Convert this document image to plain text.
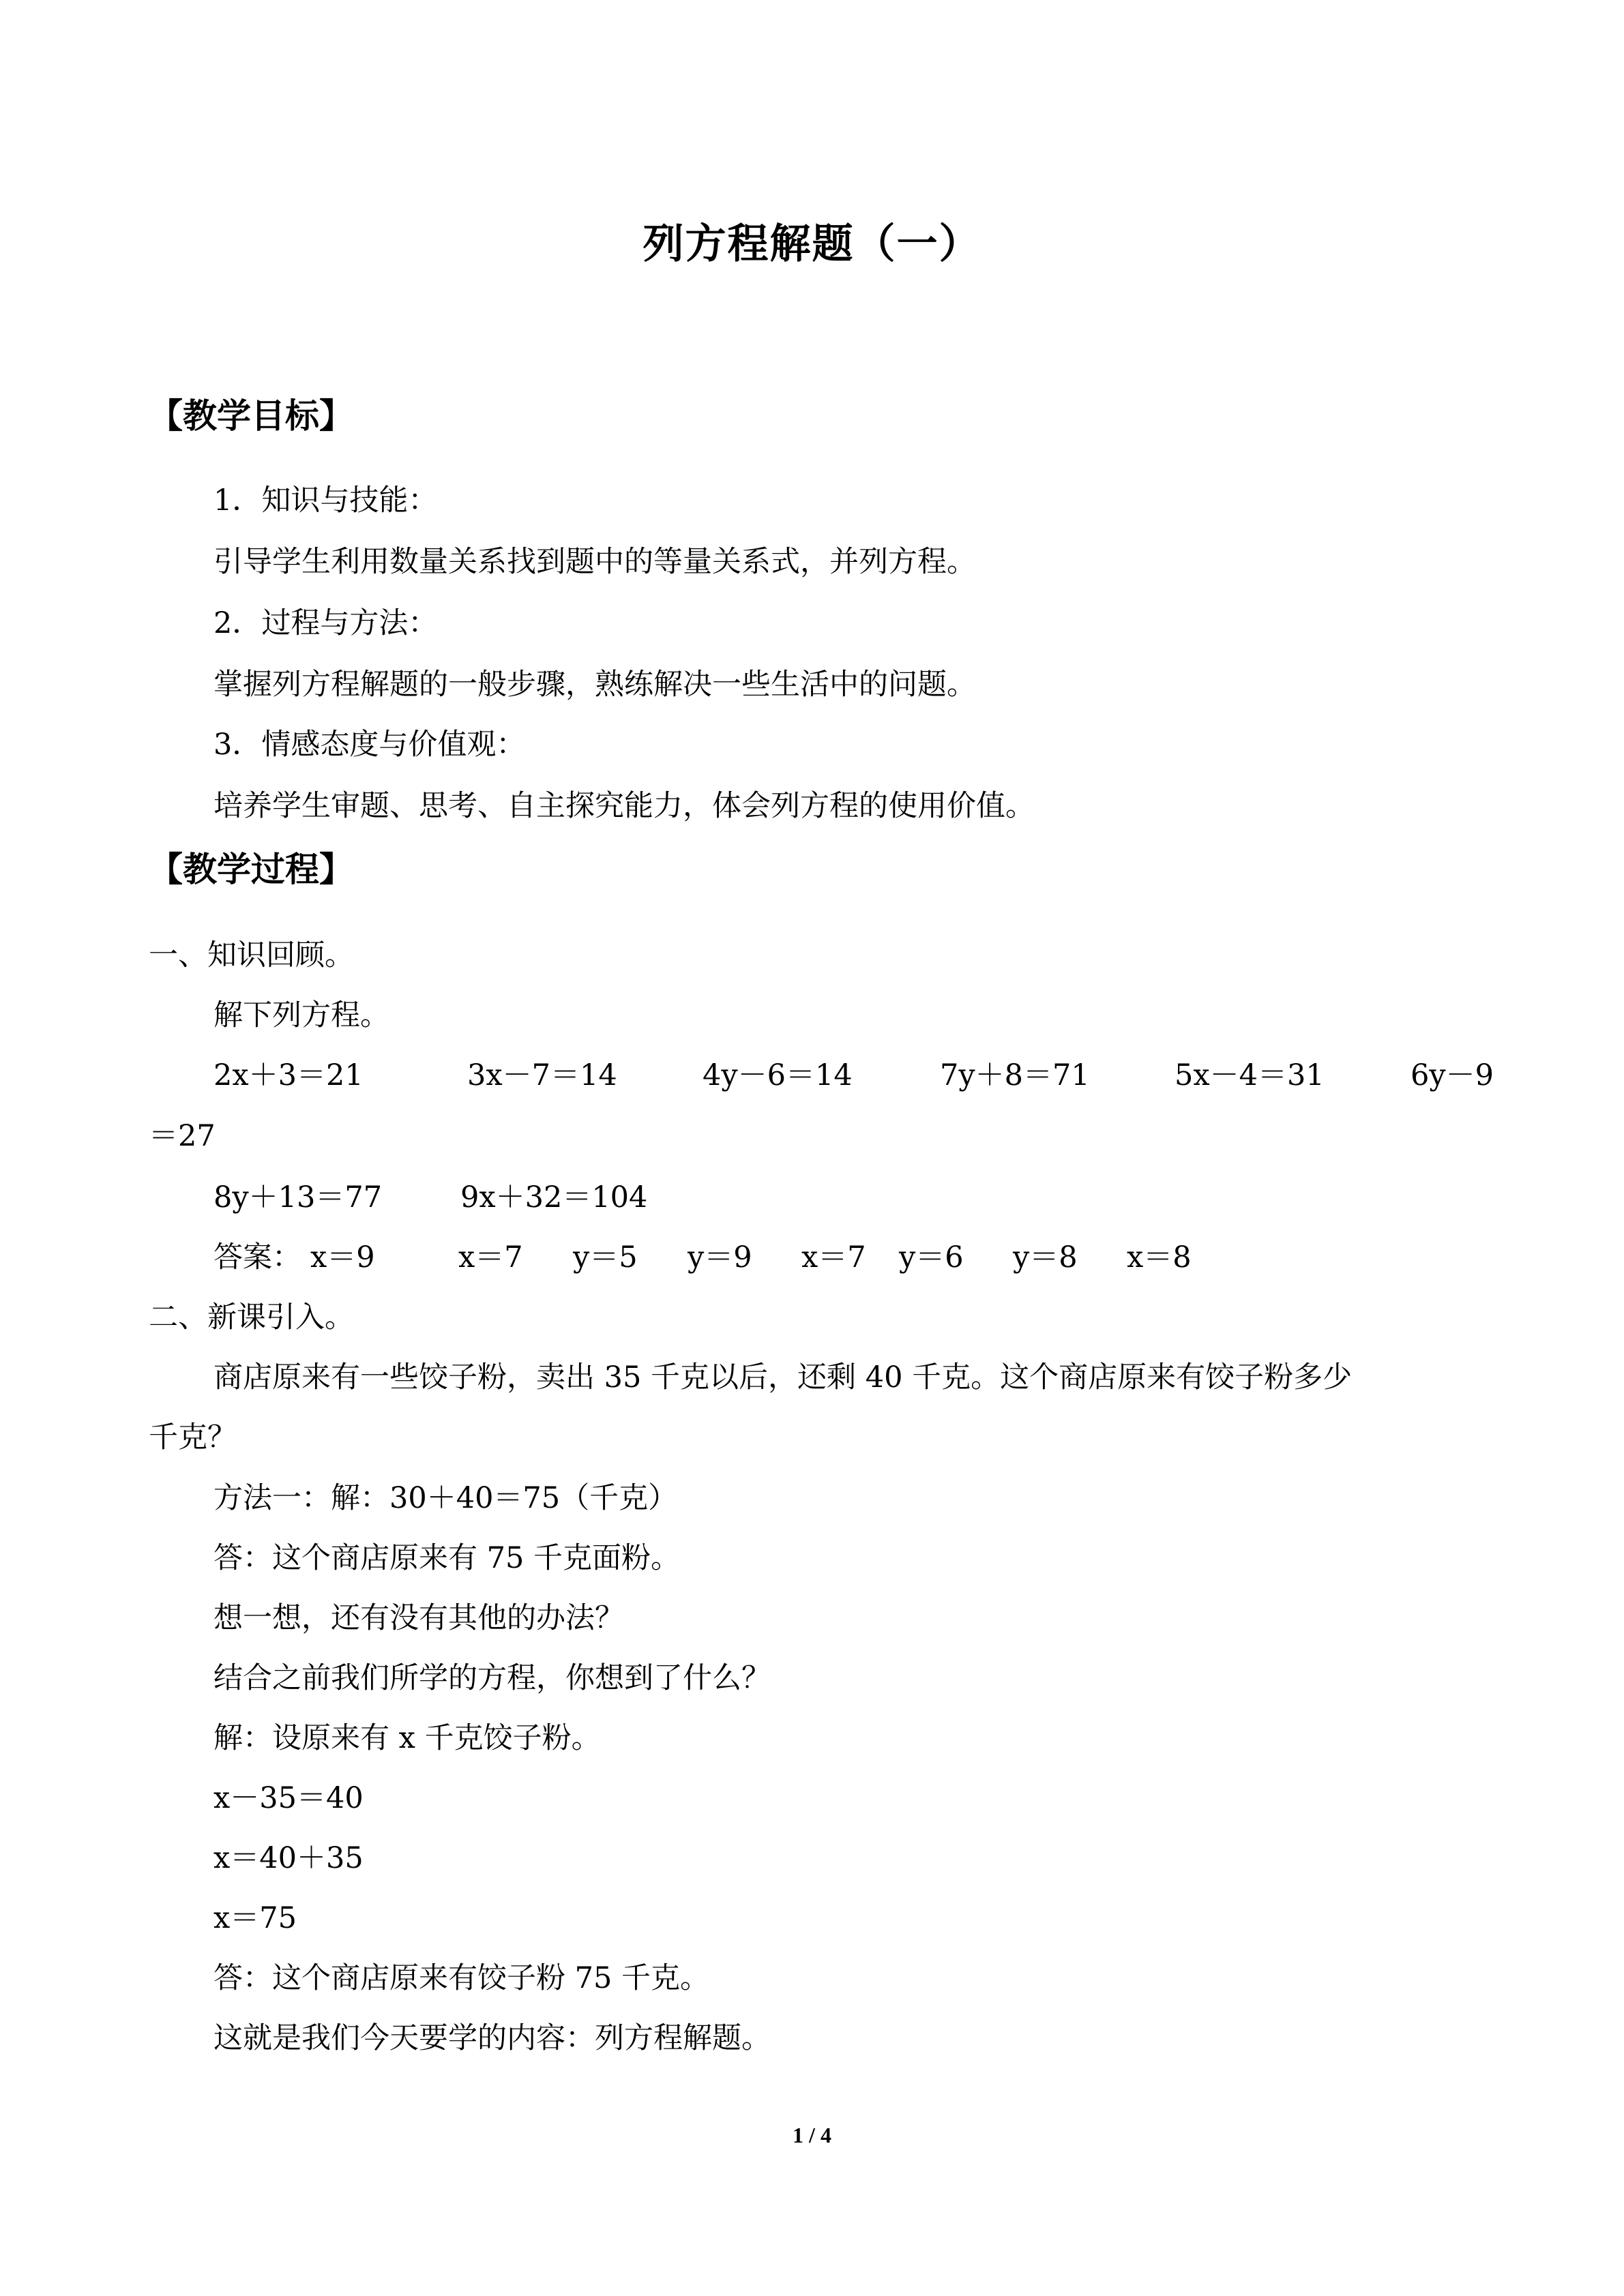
列方程解题（一）
【教学目标】
1．知识与技能：
引导学生利用数量关系找到题中的等量关系式，并列方程。
2．过程与方法：
掌握列方程解题的一般步骤，熟练解决一些生活中的问题。
3．情感态度与价值观：
培养学生审题、思考、自主探究能力，体会列方程的使用价值。
【教学过程】
一、知识回顾。
解下列方程。
2x＋3＝21	3x－7＝14	4y－6＝14	7y＋8＝71	5x－4＝31	6y－9
＝27
8y＋13＝77	9x＋32＝104
答案： x＝9	x＝7 y＝5 y＝9 x＝7 y＝6 y＝8 x＝8
二、新课引入。
商店原来有一些饺子粉，卖出 35 千克以后，还剩 40 千克。这个商店原来有饺子粉多少
千克？
方法一：解：30＋40＝75（千克）
答：这个商店原来有 75 千克面粉。
想一想，还有没有其他的办法？
结合之前我们所学的方程，你想到了什么？
解：设原来有 x 千克饺子粉。
x－35＝40
x＝40＋35
x＝75
答：这个商店原来有饺子粉 75 千克。
这就是我们今天要学的内容：列方程解题。
1 / 4
